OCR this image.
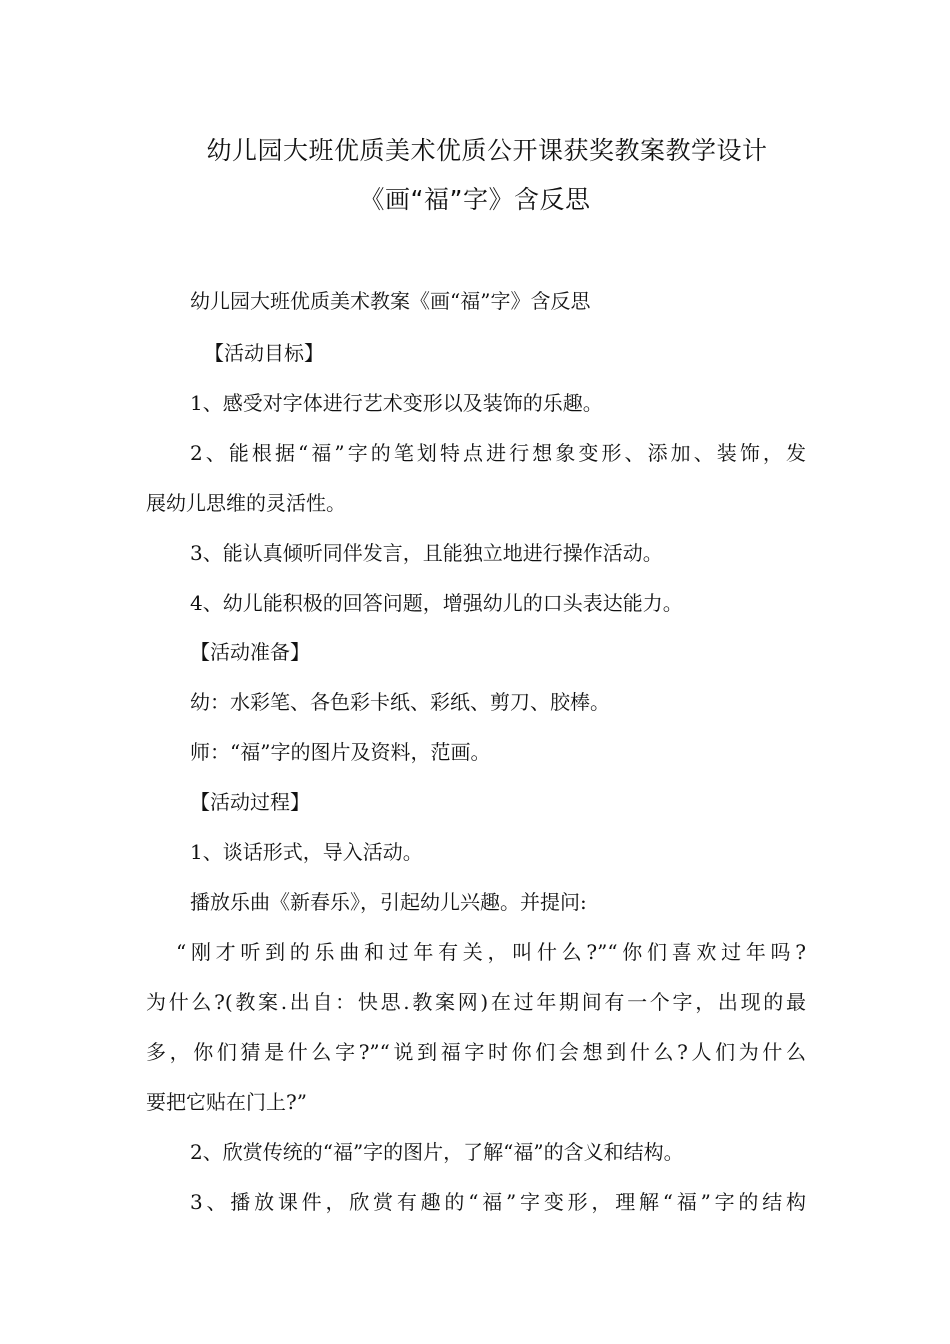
幼儿园大班优质美术优质公开课获奖教案教学设计
《画“福”字》含反思
幼儿园大班优质美术教案《画“福”字》含反思
【活动目标】
1、感受对字体进行艺术变形以及装饰的乐趣。
2、能根据“福”字的笔划特点进行想象变形、添加、装饰，发
展幼儿思维的灵活性。
3、能认真倾听同伴发言，且能独立地进行操作活动。
4、幼儿能积极的回答问题，增强幼儿的口头表达能力。
【活动准备】
幼：水彩笔、各色彩卡纸、彩纸、剪刀、胶棒。
师：“福”字的图片及资料，范画。
【活动过程】
1、谈话形式，导入活动。
播放乐曲《新春乐》，引起幼儿兴趣。并提问:
“刚才听到的乐曲和过年有关，叫什么?”“你们喜欢过年吗?
为什么?(教案.出自：快思.教案网)在过年期间有一个字，出现的最
多，你们猜是什么字?”“说到福字时你们会想到什么?人们为什么
要把它贴在门上?”
2、欣赏传统的“福”字的图片，了解“福”的含义和结构。
3、播放课件，欣赏有趣的“福”字变形，理解“福”字的结构
